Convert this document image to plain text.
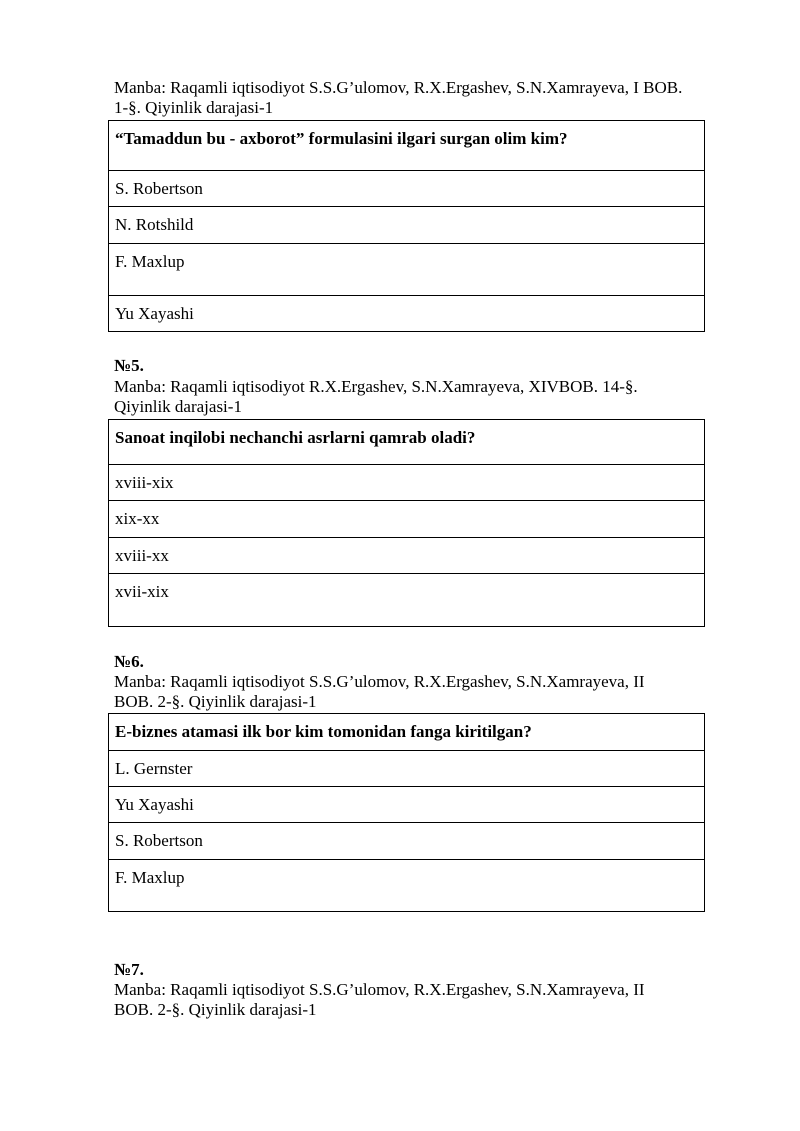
Manba: Raqamli iqtisodiyot S.S.G’ulomov, R.X.Ergashev, S.N.Xamrayeva, I BOB.
1-§. Qiyinlik darajasi-1
“Tamaddun bu - axborot” formulasini ilgari surgan olim kim?

S. Robertson

N. Rotshild

F. Maxlup

Yu Xayashi
№5.
Manba: Raqamli iqtisodiyot R.X.Ergashev, S.N.Xamrayeva, XIVBOB. 14-§.
Qiyinlik darajasi-1
Sanoat inqilobi nechanchi asrlarni qamrab oladi?

xviii-xix

xix-xx

xviii-xx

xvii-xix
№6.
Manba: Raqamli iqtisodiyot S.S.G’ulomov, R.X.Ergashev, S.N.Xamrayeva, II
BOB. 2-§. Qiyinlik darajasi-1
E-biznes atamasi ilk bor kim tomonidan fanga kiritilgan?

L. Gernster

Yu Xayashi

S. Robertson

F. Maxlup
№7.
Manba: Raqamli iqtisodiyot S.S.G’ulomov, R.X.Ergashev, S.N.Xamrayeva, II
BOB. 2-§. Qiyinlik darajasi-1
